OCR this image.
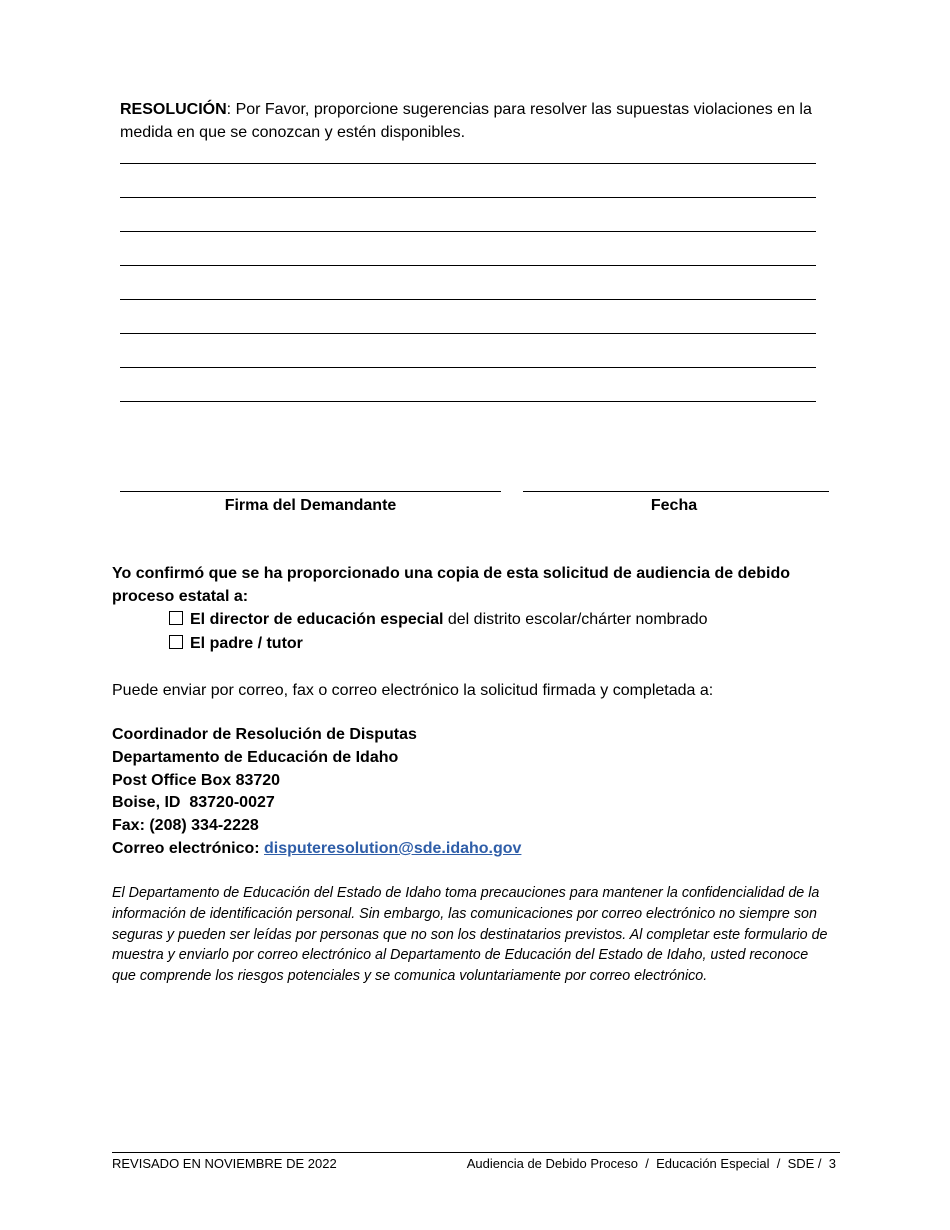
RESOLUCIÓN: Por Favor, proporcione sugerencias para resolver las supuestas violaciones en la medida en que se conozcan y estén disponibles.
Firma del Demandante	Fecha
Yo confirmó que se ha proporcionado una copia de esta solicitud de audiencia de debido proceso estatal a:
El director de educación especial del distrito escolar/chárter nombrado
El padre / tutor
Puede enviar por correo, fax o correo electrónico la solicitud firmada y completada a:
Coordinador de Resolución de Disputas
Departamento de Educación de Idaho
Post Office Box 83720
Boise, ID  83720-0027
Fax: (208) 334-2228
Correo electrónico: disputeresolution@sde.idaho.gov
El Departamento de Educación del Estado de Idaho toma precauciones para mantener la confidencialidad de la información de identificación personal. Sin embargo, las comunicaciones por correo electrónico no siempre son seguras y pueden ser leídas por personas que no son los destinatarios previstos. Al completar este formulario de muestra y enviarlo por correo electrónico al Departamento de Educación del Estado de Idaho, usted reconoce que comprende los riesgos potenciales y se comunica voluntariamente por correo electrónico.
REVISADO EN NOVIEMBRE DE 2022	Audiencia de Debido Proceso  /  Educación Especial  /  SDE /  3
